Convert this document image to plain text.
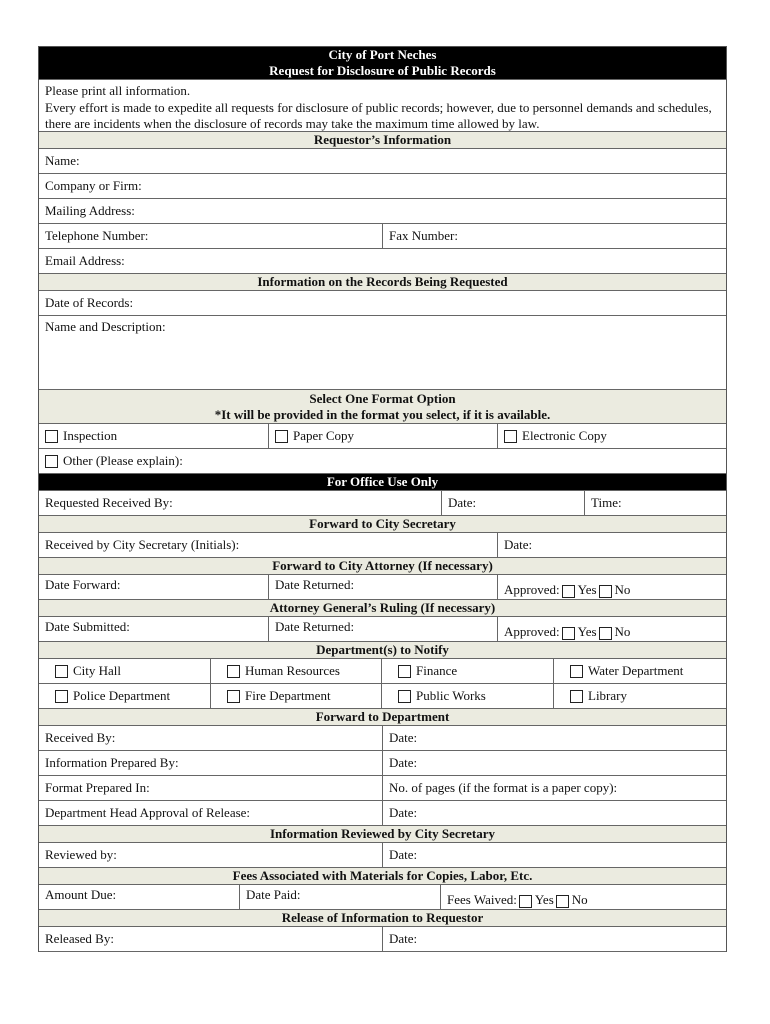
City of Port Neches
Request for Disclosure of Public Records
Please print all information.
Every effort is made to expedite all requests for disclosure of public records; however, due to personnel demands and schedules, there are incidents when the disclosure of records may take the maximum time allowed by law.
Requestor’s Information
Name:
Company or Firm:
Mailing Address:
Telephone Number:	Fax Number:
Email Address:
Information on the Records Being Requested
Date of Records:
Name and Description:
Select One Format Option
*It will be provided in the format you select, if it is available.
Inspection	Paper Copy	Electronic Copy
Other (Please explain):
For Office Use Only
Requested Received By:	Date:	Time:
Forward to City Secretary
Received by City Secretary (Initials):	Date:
Forward to City Attorney (If necessary)
Date Forward:	Date Returned:	Approved: Yes No
Attorney General’s Ruling (If necessary)
Date Submitted:	Date Returned:	Approved: Yes No
Department(s) to Notify
City Hall	Human Resources	Finance	Water Department
Police Department	Fire Department	Public Works	Library
Forward to Department
Received By:	Date:
Information Prepared By:	Date:
Format Prepared In:	No. of pages (if the format is a paper copy):
Department Head Approval of Release:	Date:
Information Reviewed by City Secretary
Reviewed by:	Date:
Fees Associated with Materials for Copies, Labor, Etc.
Amount Due:	Date Paid:	Fees Waived: Yes No
Release of Information to Requestor
Released By:	Date:
